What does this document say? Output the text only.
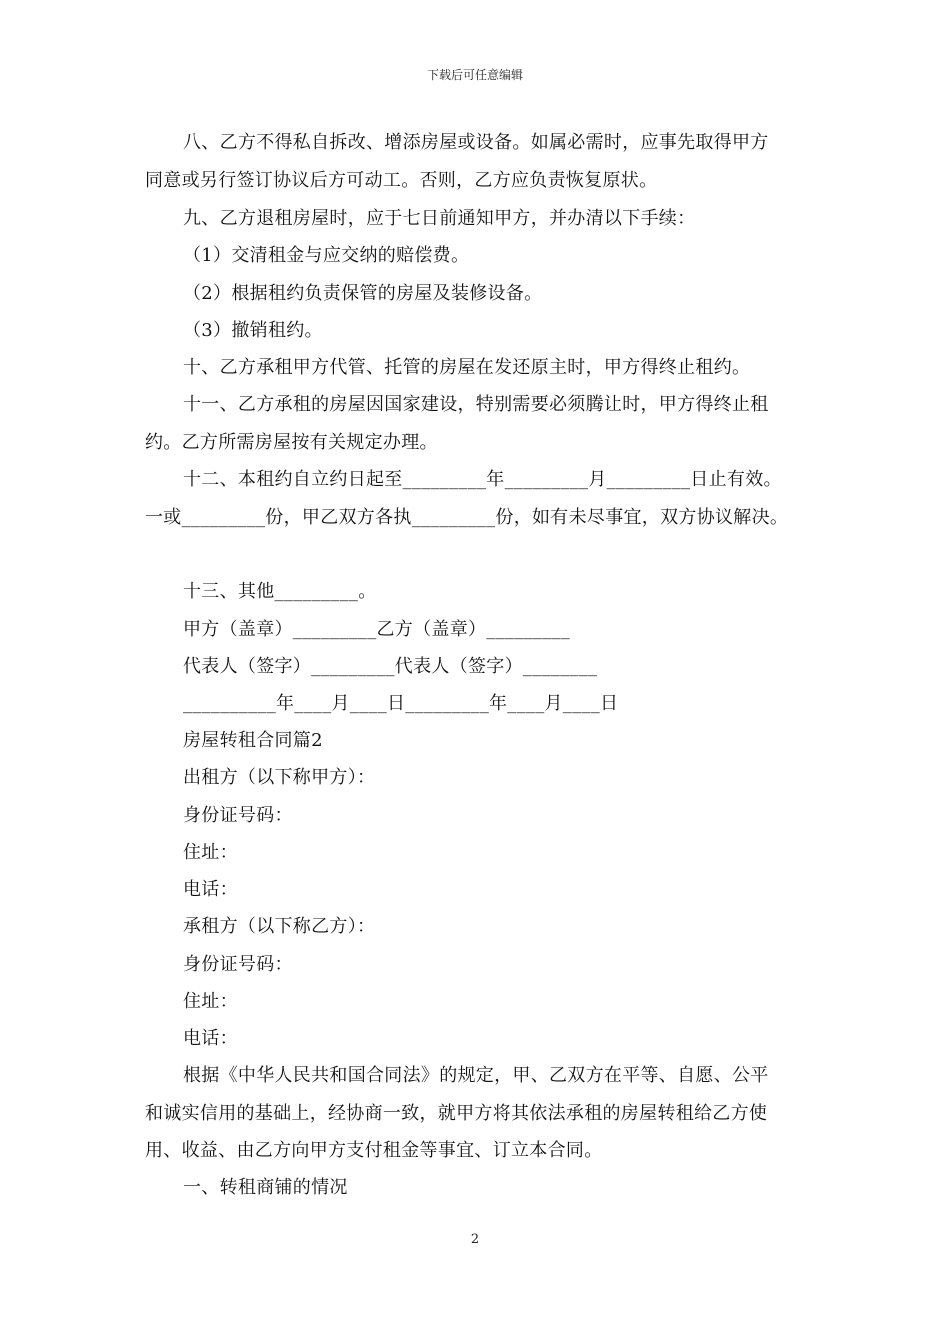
下载后可任意编辑
八、乙方不得私自拆改、增添房屋或设备。如属必需时，应事先取得甲方
同意或另行签订协议后方可动工。否则，乙方应负责恢复原状。
九、乙方退租房屋时，应于七日前通知甲方，并办清以下手续：
（1）交清租金与应交纳的赔偿费。
（2）根据租约负责保管的房屋及装修设备。
（3）撤销租约。
十、乙方承租甲方代管、托管的房屋在发还原主时，甲方得终止租约。
十一、乙方承租的房屋因国家建设，特别需要必须腾让时，甲方得终止租
约。乙方所需房屋按有关规定办理。
十二、本租约自立约日起至_________年_________月_________日止有效。
一或_________份，甲乙双方各执_________份，如有未尽事宜，双方协议解决。
十三、其他_________。
甲方（盖章）_________乙方（盖章）_________
代表人（签字）_________代表人（签字）________
__________年____月____日_________年____月____日
房屋转租合同篇2
出租方（以下称甲方）：
身份证号码：
住址：
电话：
承租方（以下称乙方）：
身份证号码：
住址：
电话：
根据《中华人民共和国合同法》的规定，甲、乙双方在平等、自愿、公平
和诚实信用的基础上，经协商一致，就甲方将其依法承租的房屋转租给乙方使
用、收益、由乙方向甲方支付租金等事宜、订立本合同。
一、转租商铺的情况
2
